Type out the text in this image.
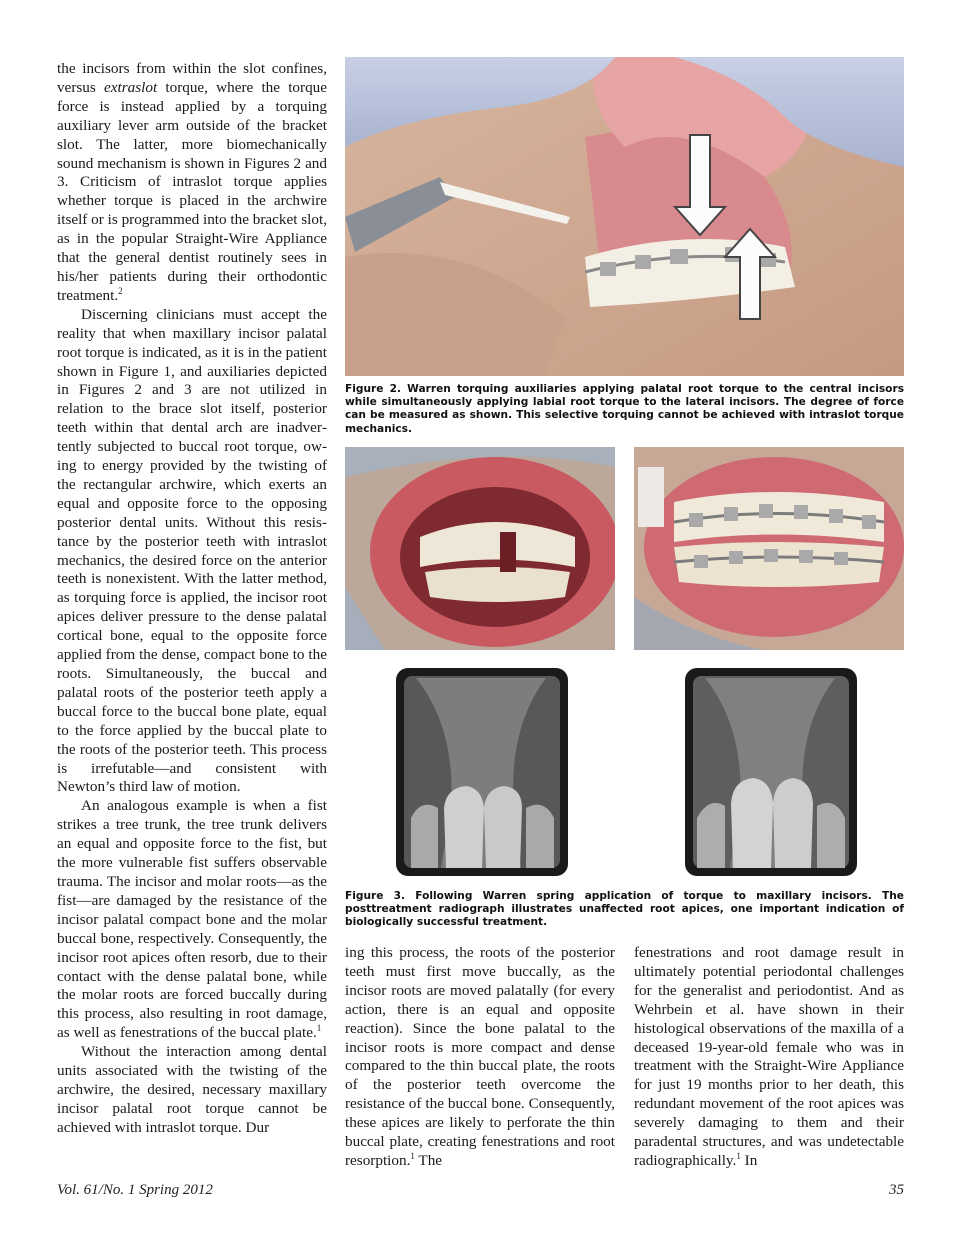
the incisors from within the slot confines, versus extraslot torque, where the torque force is instead applied by a torquing auxiliary lever arm outside of the bracket slot. The latter, more biomechanically sound mechanism is shown in Figures 2 and 3. Criticism of intraslot torque applies whether torque is placed in the archwire itself or is programmed into the bracket slot, as in the popular Straight-Wire Appliance that the general dentist routinely sees in his/her patients during their orthodontic treatment.$^2$

Discerning clinicians must accept the reality that when maxillary incisor palatal root torque is indicated, as it is in the patient shown in Figure 1, and auxiliaries depicted in Figures 2 and 3 are not utilized in relation to the brace slot itself, posterior teeth within that dental arch are inadvertently subjected to buccal root torque, owing to energy provided by the twisting of the rectangular archwire, which exerts an equal and opposite force to the opposing posterior dental units. Without this resistance by the posterior teeth with intraslot mechanics, the desired force on the anterior teeth is nonexistent. With the latter method, as torquing force is applied, the incisor root apices deliver pressure to the dense palatal cortical bone, equal to the opposite force applied from the dense, compact bone to the roots. Simultaneously, the buccal and palatal roots of the posterior teeth apply a buccal force to the buccal bone plate, equal to the force applied by the buccal plate to the roots of the posterior teeth. This process is irrefutable—and consistent with Newton’s third law of motion.

An analogous example is when a fist strikes a tree trunk, the tree trunk delivers an equal and opposite force to the fist, but the more vulnerable fist suffers observable trauma. The incisor and molar roots—as the fist—are damaged by the resistance of the incisor palatal compact bone and the molar buccal bone, respectively. Consequently, the incisor root apices often resorb, due to their contact with the dense palatal bone, while the molar roots are forced buccally during this process, also resulting in root damage, as well as fenestrations of the buccal plate.$^1$

Without the interaction among dental units associated with the twisting of the archwire, the desired, necessary maxillary incisor palatal root torque cannot be achieved with intraslot torque. Dur

Figure 2. Warren torquing auxiliaries applying palatal root torque to the central incisors while simultaneously applying labial root torque to the lateral incisors. The degree of force can be measured as shown. This selective torquing cannot be achieved with intraslot torque mechanics.
Figure 3. Following Warren spring application of torque to maxillary incisors. The posttreatment radiograph illustrates unaffected root apices, one important indication of biologically successful treatment.

ing this process, the roots of the posterior teeth must first move buccally, as the incisor roots are moved palatally (for every action, there is an equal and opposite reaction). Since the bone palatal to the incisor roots is more compact and dense compared to the thin buccal plate, the roots of the posterior teeth overcome the resistance of the buccal bone. Consequently, these apices are likely to perforate the thin buccal plate, creating fenestrations and root resorption.$^1$ The

fenestrations and root damage result in ultimately potential periodontal challenges for the generalist and periodontist. And as Wehrbein et al. have shown in their histological observations of the maxilla of a deceased 19-year-old female who was in treatment with the Straight-Wire Appliance for just 19 months prior to her death, this redundant movement of the root apices was severely damaging to them and their paradental structures, and was undetectable radiographically.$^1$ In

Vol. 61/No. 1 Spring 2012	35
